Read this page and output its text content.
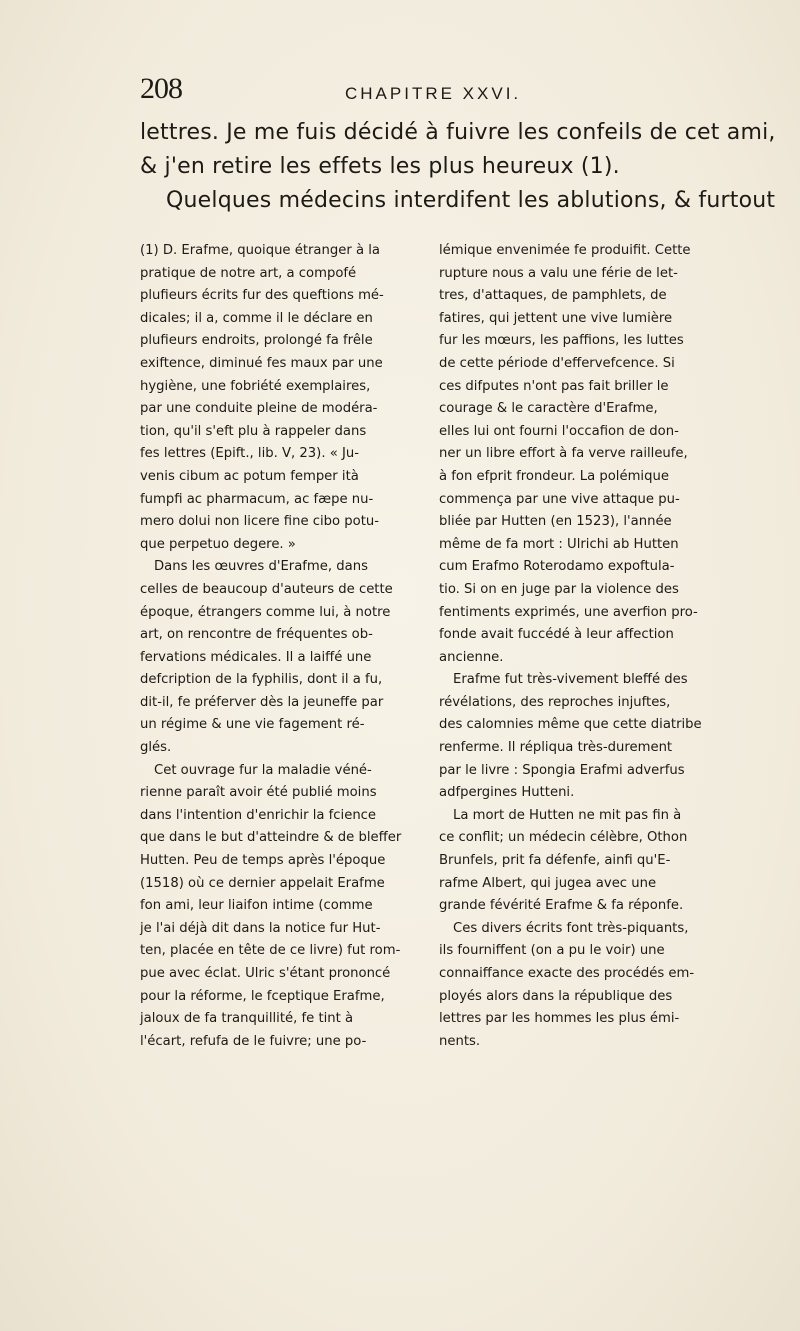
208	CHAPITRE XXVI.
lettres. Je me fuis décidé à fuivre les confeils de cet ami,
& j'en retire les effets les plus heureux (1).
Quelques médecins interdifent les ablutions, & furtout
(1) D. Erafme, quoique étranger à la
pratique de notre art, a compofé
plufieurs écrits fur des queftions mé-
dicales; il a, comme il le déclare en
plufieurs endroits, prolongé fa frêle
exiftence, diminué fes maux par une
hygiène, une fobriété exemplaires,
par une conduite pleine de modéra-
tion, qu'il s'eft plu à rappeler dans
fes lettres (Epift., lib. V, 23). « Ju-
venis cibum ac potum femper ità
fumpfi ac pharmacum, ac fæpe nu-
mero dolui non licere fine cibo potu-
que perpetuo degere. »
Dans les œuvres d'Erafme, dans
celles de beaucoup d'auteurs de cette
époque, étrangers comme lui, à notre
art, on rencontre de fréquentes ob-
fervations médicales. Il a laiffé une
defcription de la fyphilis, dont il a fu,
dit-il, fe préferver dès la jeuneffe par
un régime & une vie fagement ré-
glés.
Cet ouvrage fur la maladie véné-
rienne paraît avoir été publié moins
dans l'intention d'enrichir la fcience
que dans le but d'atteindre & de bleffer
Hutten. Peu de temps après l'époque
(1518) où ce dernier appelait Erafme
fon ami, leur liaifon intime (comme
je l'ai déjà dit dans la notice fur Hut-
ten, placée en tête de ce livre) fut rom-
pue avec éclat. Ulric s'étant prononcé
pour la réforme, le fceptique Erafme,
jaloux de fa tranquillité, fe tint à
l'écart, refufa de le fuivre; une po-
lémique envenimée fe produifit. Cette
rupture nous a valu une férie de let-
tres, d'attaques, de pamphlets, de
fatires, qui jettent une vive lumière
fur les mœurs, les paffions, les luttes
de cette période d'effervefcence. Si
ces difputes n'ont pas fait briller le
courage & le caractère d'Erafme,
elles lui ont fourni l'occafion de don-
ner un libre effort à fa verve railleufe,
à fon efprit frondeur. La polémique
commença par une vive attaque pu-
bliée par Hutten (en 1523), l'année
même de fa mort : Ulrichi ab Hutten
cum Erafmo Roterodamo expoftula-
tio. Si on en juge par la violence des
fentiments exprimés, une averfion pro-
fonde avait fuccédé à leur affection
ancienne.
Erafme fut très-vivement bleffé des
révélations, des reproches injuftes,
des calomnies même que cette diatribe
renferme. Il répliqua très-durement
par le livre : Spongia Erafmi adverfus
adfpergines Hutteni.
La mort de Hutten ne mit pas fin à
ce conflit; un médecin célèbre, Othon
Brunfels, prit fa défenfe, ainfi qu'E-
rafme Albert, qui jugea avec une
grande févérité Erafme & fa réponfe.
Ces divers écrits font très-piquants,
ils fourniffent (on a pu le voir) une
connaiffance exacte des procédés em-
ployés alors dans la république des
lettres par les hommes les plus émi-
nents.
